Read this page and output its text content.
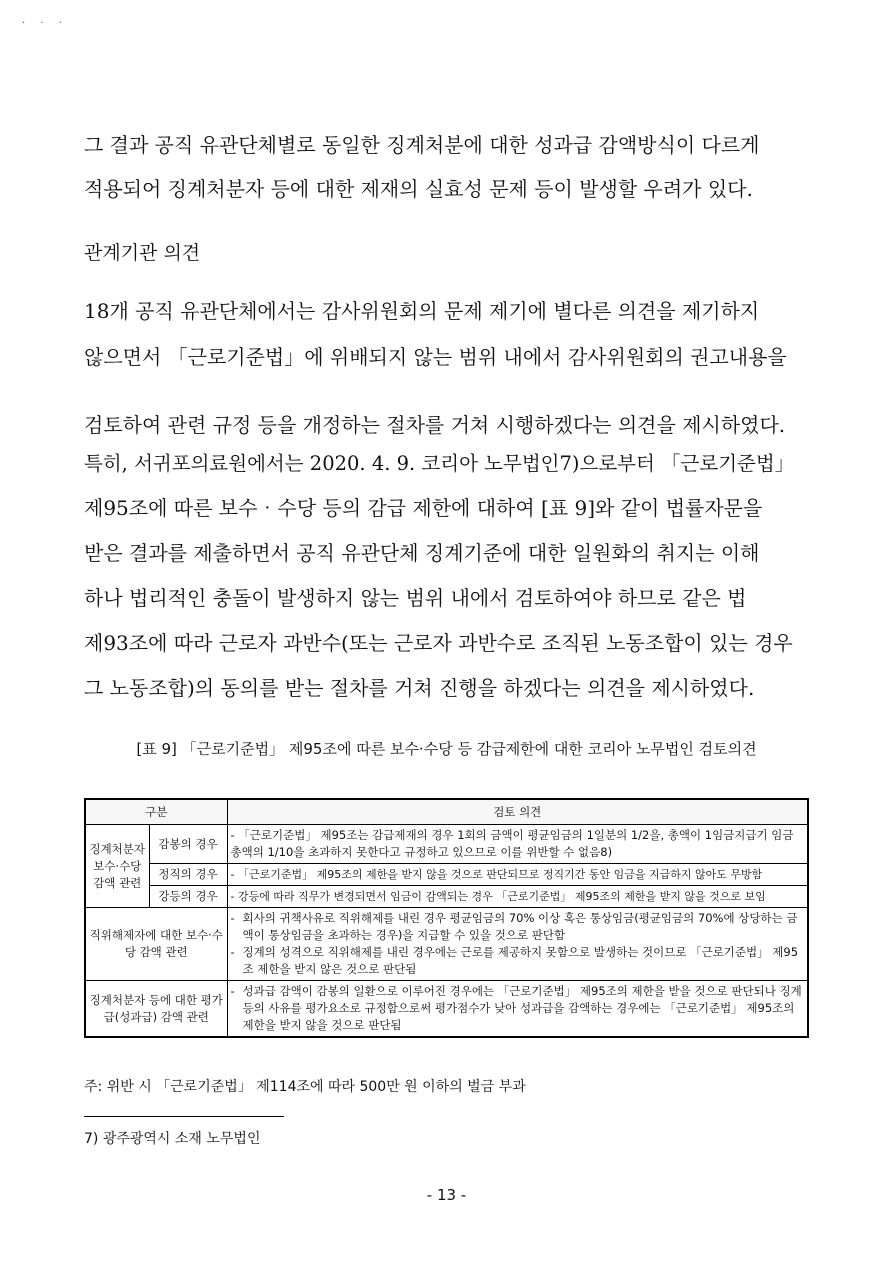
· · ·
그 결과 공직 유관단체별로 동일한 징계처분에 대한 성과급 감액방식이 다르게
적용되어 징계처분자 등에 대한 제재의 실효성 문제 등이 발생할 우려가 있다.
관계기관 의견
18개 공직 유관단체에서는 감사위원회의 문제 제기에 별다른 의견을 제기하지
않으면서 「근로기준법」에 위배되지 않는 범위 내에서 감사위원회의 권고내용을
검토하여 관련 규정 등을 개정하는 절차를 거쳐 시행하겠다는 의견을 제시하였다.
특히, 서귀포의료원에서는 2020. 4. 9. 코리아 노무법인7)으로부터 「근로기준법」
제95조에 따른 보수‧수당 등의 감급 제한에 대하여 [표 9]와 같이 법률자문을
받은 결과를 제출하면서 공직 유관단체 징계기준에 대한 일원화의 취지는 이해
하나 법리적인 충돌이 발생하지 않는 범위 내에서 검토하여야 하므로 같은 법
제93조에 따라 근로자 과반수(또는 근로자 과반수로 조직된 노동조합이 있는 경우
그 노동조합)의 동의를 받는 절차를 거쳐 진행을 하겠다는 의견을 제시하였다.
[표 9] 「근로기준법」 제95조에 따른 보수‧수당 등 감급제한에 대한 코리아 노무법인 검토의견
구분		검토 의견
징계처분자 보수‧수당 감액 관련	감봉의 경우	- 「근로기준법」 제95조는 감급제재의 경우 1회의 금액이 평균임금의 1일분의 1/2을, 총액이 1임금지급기 임금총액의 1/10을 초과하지 못한다고 규정하고 있으므로 이를 위반할 수 없음8)
	정직의 경우	- 「근로기준법」 제95조의 제한을 받지 않을 것으로 판단되므로 정직기간 동안 임금을 지급하지 않아도 무방함
	강등의 경우	- 강등에 따라 직무가 변경되면서 임금이 감액되는 경우 「근로기준법」 제95조의 제한을 받지 않을 것으로 보임
직위해제자에 대한 보수‧수당 감액 관련		- 회사의 귀책사유로 직위해제를 내린 경우 평균임금의 70% 이상 혹은 통상임금(평균임금의 70%에 상당하는 금액이 통상임금을 초과하는 경우)을 지급할 수 있을 것으로 판단함
- 징계의 성격으로 직위해제를 내린 경우에는 근로를 제공하지 못함으로 발생하는 것이므로 「근로기준법」 제95조 제한을 받지 않은 것으로 판단됨

징계처분자 등에 대한 평가급(성과급) 감액 관련		- 성과급 감액이 감봉의 일환으로 이루어진 경우에는 「근로기준법」 제95조의 제한을 받을 것으로 판단되나 징계 등의 사유를 평가요소로 규정함으로써 평가점수가 낮아 성과급을 감액하는 경우에는 「근로기준법」 제95조의 제한을 받지 않을 것으로 판단됨
주: 위반 시 「근로기준법」 제114조에 따라 500만 원 이하의 벌금 부과
7) 광주광역시 소재 노무법인
- 13 -
